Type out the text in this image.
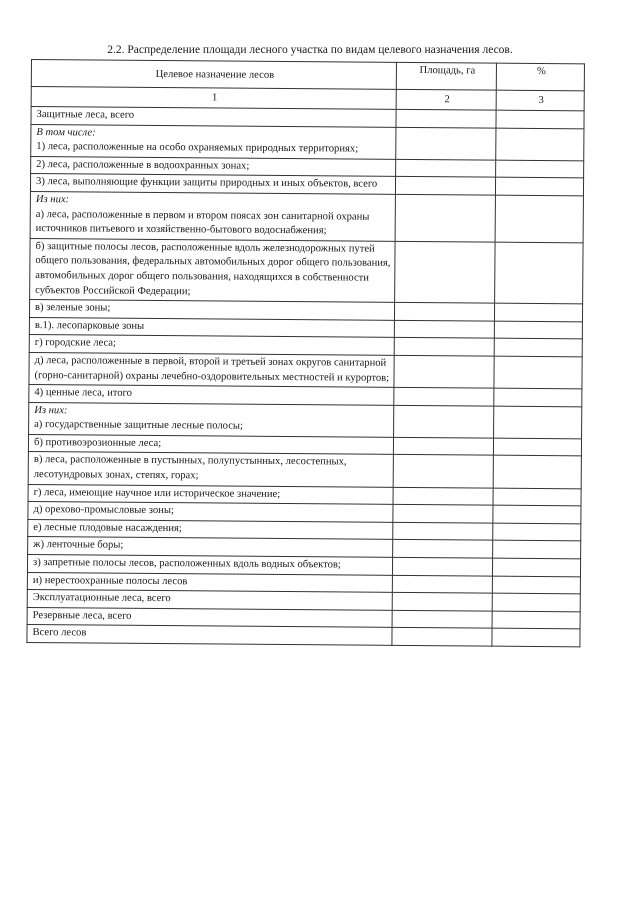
2.2. Распределение площади лесного участка по видам целевого назначения лесов.
Целевое назначение лесов	Площадь, га	%
1	2	3
Защитные леса, всего		
В том числе:
1) леса, расположенные на особо охраняемых природных территориях;		
2) леса, расположенные в водоохранных зонах;		
3) леса, выполняющие функции защиты природных и иных объектов, всего		
Из них:
а) леса, расположенные в первом и втором поясах зон санитарной охраны источников питьевого и хозяйственно-бытового водоснабжения;		
б) защитные полосы лесов, расположенные вдоль железнодорожных путей общего пользования, федеральных автомобильных дорог общего пользования, автомобильных дорог общего пользования, находящихся в собственности субъектов Российской Федерации;		
в) зеленые зоны;		
в.1). лесопарковые зоны		
г) городские леса;		
д) леса, расположенные в первой, второй и третьей зонах округов санитарной (горно-санитарной) охраны лечебно-оздоровительных местностей и курортов;		
4) ценные леса, итого		
Из них:
а) государственные защитные лесные полосы;		
б) противоэрозионные леса;		
в) леса, расположенные в пустынных, полупустынных, лесостепных, лесотундровых зонах, степях, горах;		
г) леса, имеющие научное или историческое значение;		
д) орехово-промысловые зоны;		
е) лесные плодовые насаждения;		
ж) ленточные боры;		
з) запретные полосы лесов, расположенных вдоль водных объектов;		
и) нерестоохранные полосы лесов		
Эксплуатационные леса, всего		
Резервные леса, всего		
Всего лесов		
